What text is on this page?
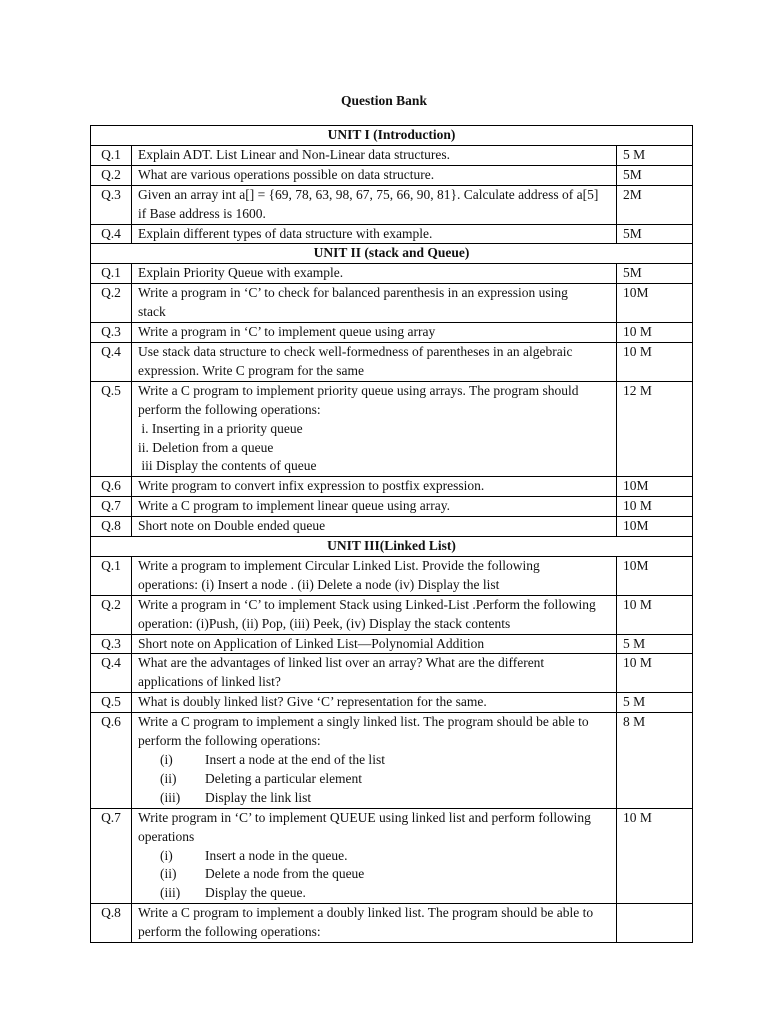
Question Bank
UNIT I (Introduction)		
Q.1	Explain ADT. List Linear and Non-Linear data structures.	5 M
Q.2	What are various operations possible on data structure.	5M
Q.3	Given an array int a[] = {69, 78, 63, 98, 67, 75, 66, 90, 81}. Calculate address of a[5]
if Base address is 1600.	2M
Q.4	Explain different types of data structure with example.	5M
UNIT II (stack and Queue)		
Q.1	Explain Priority Queue with example.	5M
Q.2	Write a program in ‘C’ to check for balanced parenthesis in an expression using
stack	10M
Q.3	Write a program in ‘C’ to implement queue using array	10 M
Q.4	Use stack data structure to check well-formedness of parentheses in an algebraic
expression. Write C program for the same	10 M
Q.5	Write a C program to implement priority queue using arrays. The program should
perform the following operations:
i. Inserting in a priority queue
ii. Deletion from a queue
iii Display the contents of queue	12 M
Q.6	Write program to convert infix expression to postfix expression.	10M
Q.7	Write a C program to implement linear queue using array.	10 M
Q.8	Short note on Double ended queue	10M
UNIT III(Linked List)		
Q.1	Write a program to implement Circular Linked List. Provide the following
operations: (i) Insert a node . (ii) Delete a node (iv) Display the list	10M
Q.2	Write a program in ‘C’ to implement Stack using Linked-List .Perform the following
operation: (i)Push, (ii) Pop, (iii) Peek, (iv) Display the stack contents	10 M
Q.3	Short note on Application of Linked List—Polynomial Addition	5 M
Q.4	What are the advantages of linked list over an array? What are the different
applications of linked list?	10 M
Q.5	What is doubly linked list? Give ‘C’ representation for the same.	5 M
Q.6	Write a C program to implement a singly linked list. The program should be able to
perform the following operations:
(i) Insert a node at the end of the list
(ii) Deleting a particular element
(iii) Display the link list	8 M
Q.7	Write program in ‘C’ to implement QUEUE using linked list and perform following
operations
(i) Insert a node in the queue.
(ii) Delete a node from the queue
(iii) Display the queue.	10 M
Q.8	Write a C program to implement a doubly linked list. The program should be able to
perform the following operations:	
